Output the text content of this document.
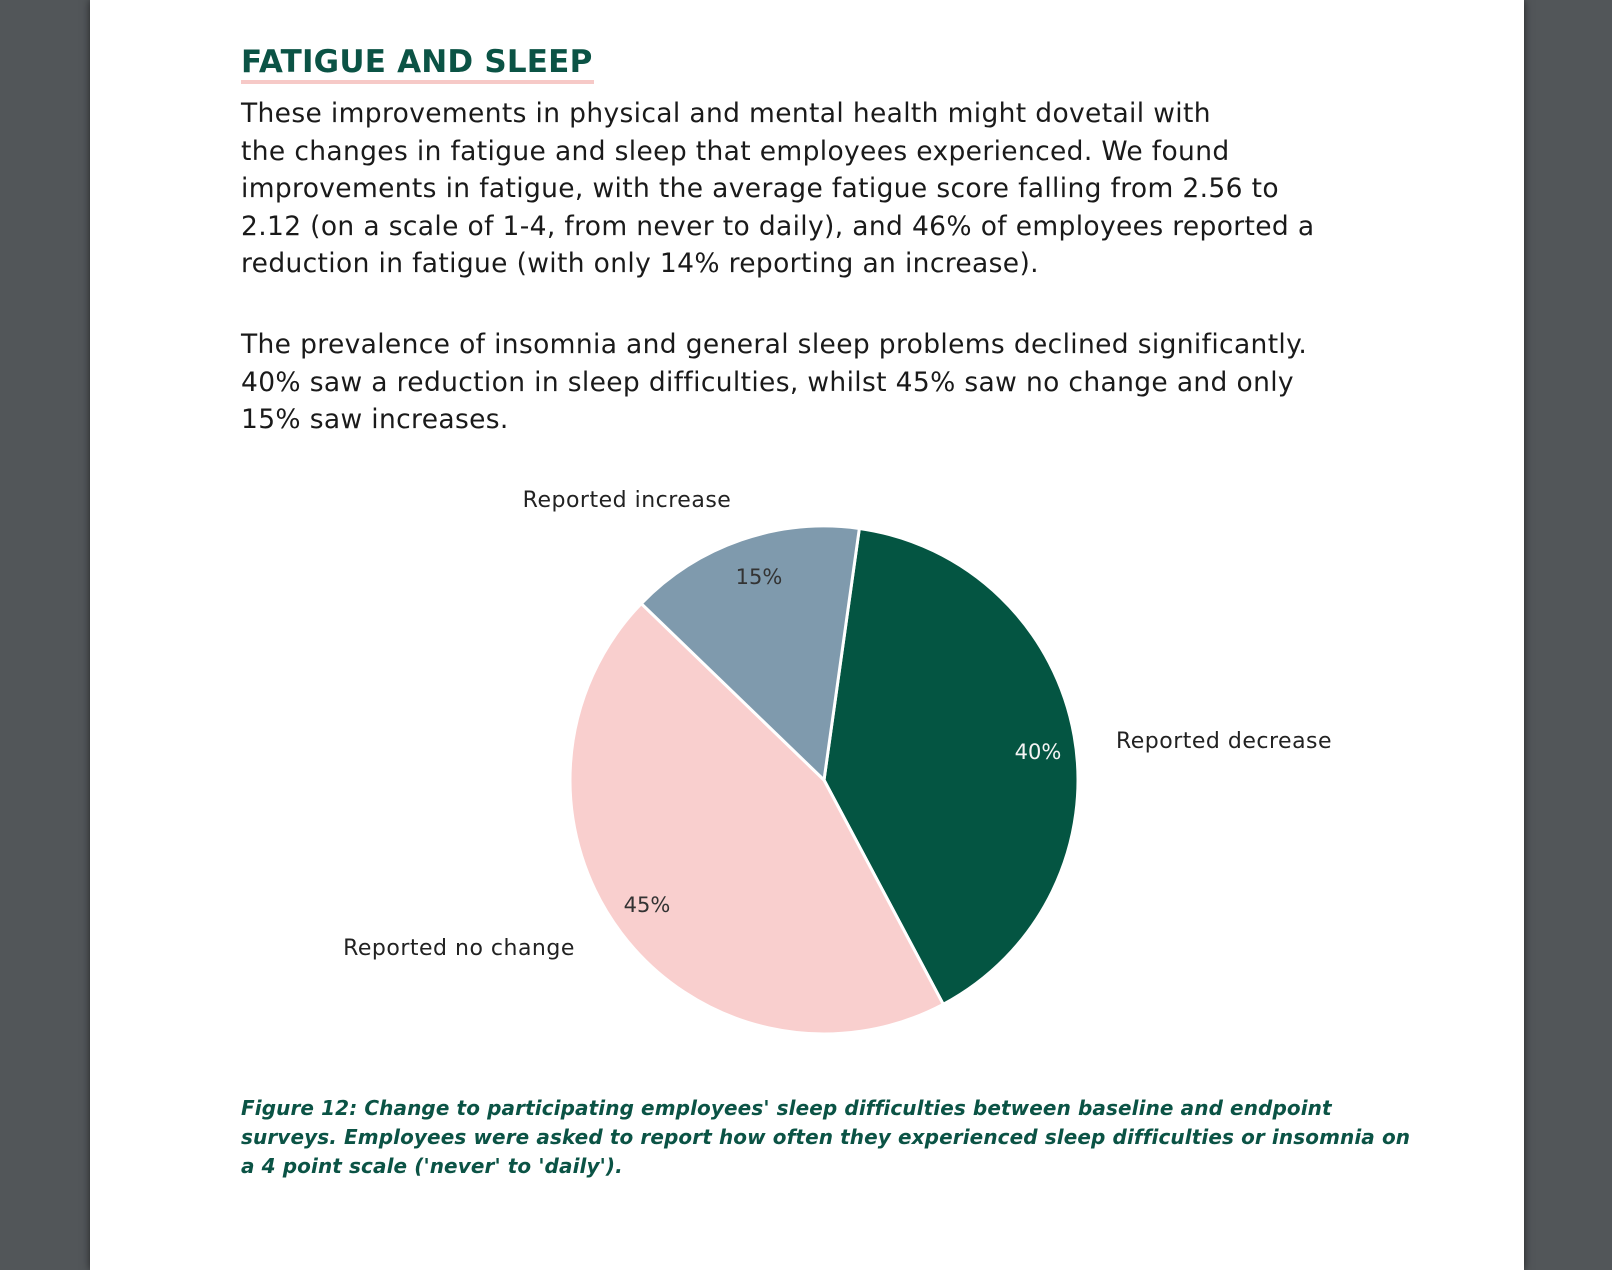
FATIGUE AND SLEEP

These improvements in physical and mental health might dovetail with
the changes in fatigue and sleep that employees experienced. We found
improvements in fatigue, with the average fatigue score falling from 2.56 to
2.12 (on a scale of 1-4, from never to daily), and 46% of employees reported a
reduction in fatigue (with only 14% reporting an increase).

The prevalence of insomnia and general sleep problems declined significantly.
40% saw a reduction in sleep difficulties, whilst 45% saw no change and only
15% saw increases.

40% Reported decrease
45%
Reported no change
15%
Reported increase

Figure 12: Change to participating employees' sleep difficulties between baseline and endpoint
surveys. Employees were asked to report how often they experienced sleep difficulties or insomnia on
a 4 point scale ('never' to 'daily').
